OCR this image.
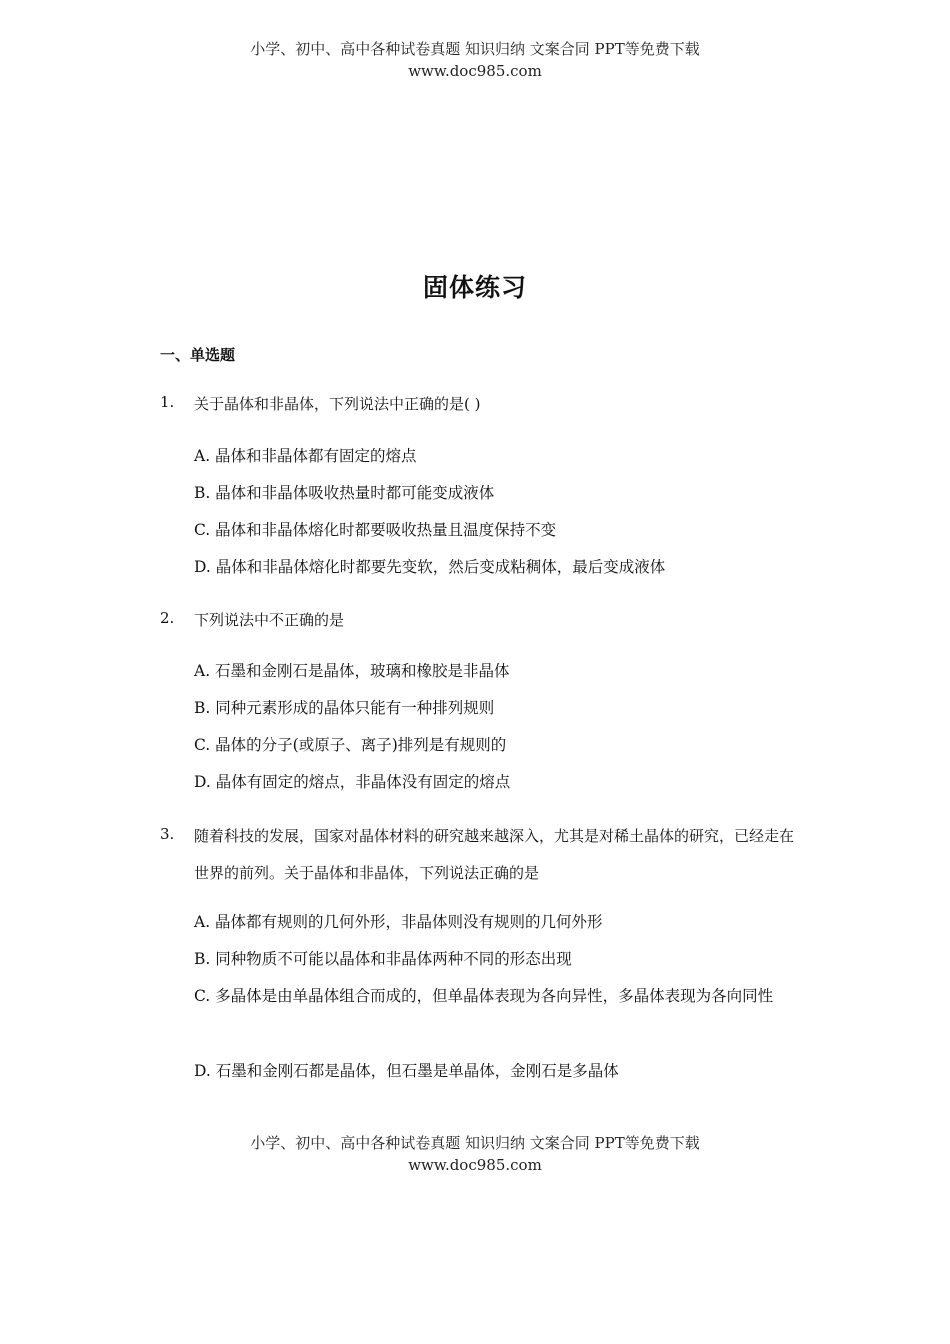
小学、初中、高中各种试卷真题 知识归纳 文案合同 PPT等免费下载
www.doc985.com
固体练习
一、单选题
1. 关于晶体和非晶体，下列说法中正确的是( )
A. 晶体和非晶体都有固定的熔点
B. 晶体和非晶体吸收热量时都可能变成液体
C. 晶体和非晶体熔化时都要吸收热量且温度保持不变
D. 晶体和非晶体熔化时都要先变软，然后变成粘稠体，最后变成液体
2. 下列说法中不正确的是
A. 石墨和金刚石是晶体，玻璃和橡胶是非晶体
B. 同种元素形成的晶体只能有一种排列规则
C. 晶体的分子(或原子、离子)排列是有规则的
D. 晶体有固定的熔点，非晶体没有固定的熔点
3. 随着科技的发展，国家对晶体材料的研究越来越深入，尤其是对稀土晶体的研究，已经走在世界的前列。关于晶体和非晶体，下列说法正确的是
A. 晶体都有规则的几何外形，非晶体则没有规则的几何外形
B. 同种物质不可能以晶体和非晶体两种不同的形态出现
C. 多晶体是由单晶体组合而成的，但单晶体表现为各向异性，多晶体表现为各向同性
D. 石墨和金刚石都是晶体，但石墨是单晶体，金刚石是多晶体
小学、初中、高中各种试卷真题 知识归纳 文案合同 PPT等免费下载
www.doc985.com
